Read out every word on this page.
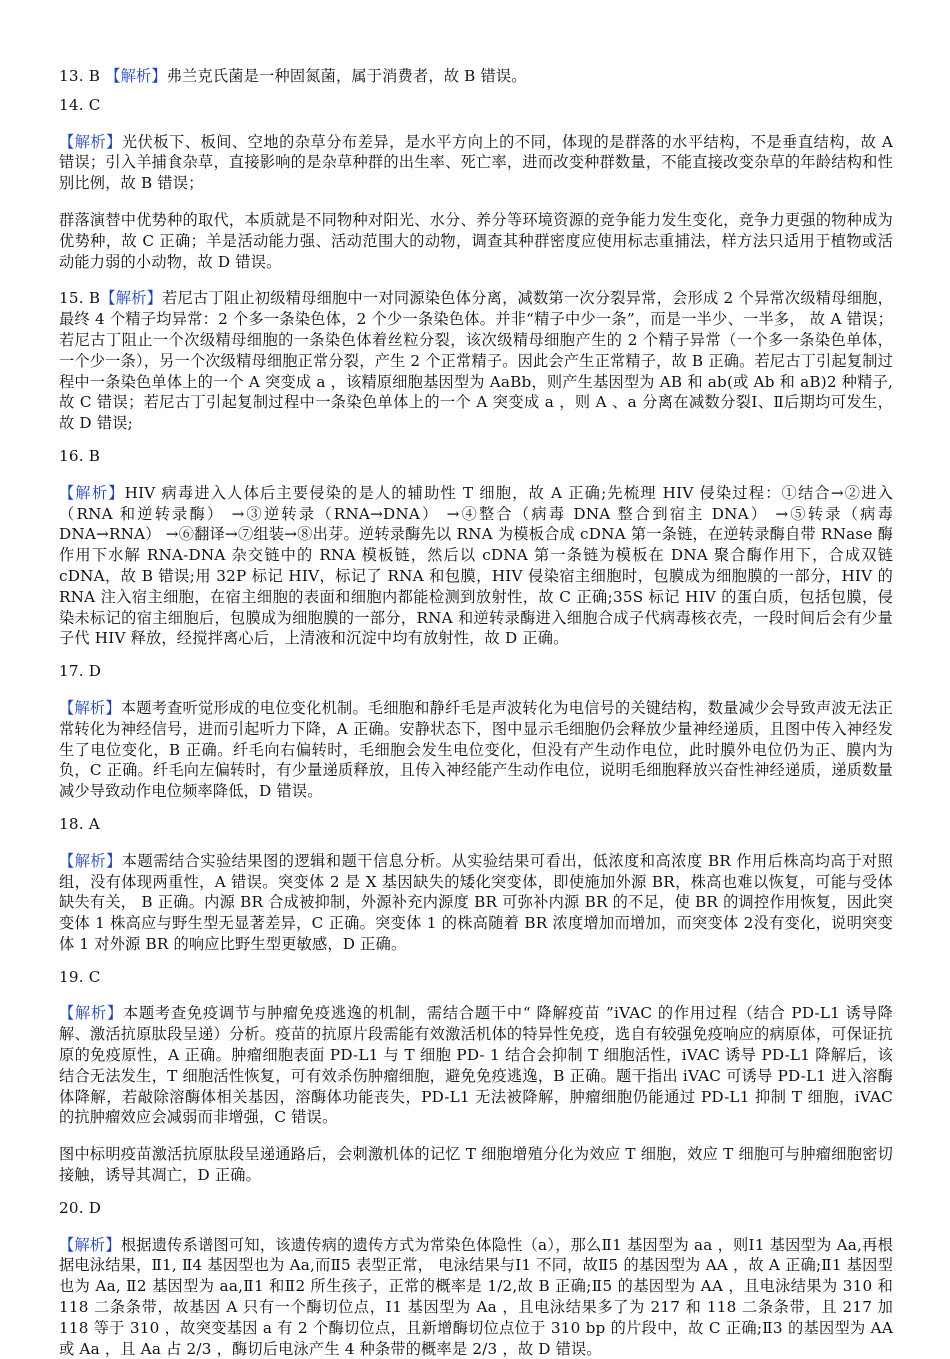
13. B 【解析】弗兰克氏菌是一种固氮菌，属于消费者，故 B 错误。

14. C

【解析】光伏板下、板间、空地的杂草分布差异，是水平方向上的不同，体现的是群落的水平结构，不是垂直结构，故 A 错误；引入羊捕食杂草，直接影响的是杂草种群的出生率、死亡率，进而改变种群数量，不能直接改变杂草的年龄结构和性别比例，故 B 错误；

群落演替中优势种的取代，本质就是不同物种对阳光、水分、养分等环境资源的竞争能力发生变化，竞争力更强的物种成为优势种，故 C 正确；羊是活动能力强、活动范围大的动物，调查其种群密度应使用标志重捕法，样方法只适用于植物或活动能力弱的小动物，故 D 错误。

15. B【解析】若尼古丁阻止初级精母细胞中一对同源染色体分离，减数第一次分裂异常，会形成 2 个异常次级精母细胞，最终 4 个精子均异常：2 个多一条染色体，2 个少一条染色体。并非“精子中少一条”，而是一半少、一半多， 故 A 错误；若尼古丁阻止一个次级精母细胞的一条染色体着丝粒分裂，该次级精母细胞产生的 2 个精子异常（一个多一条染色单体，一个少一条），另一个次级精母细胞正常分裂，产生 2 个正常精子。因此会产生正常精子，故 B 正确。若尼古丁引起复制过程中一条染色单体上的一个 A 突变成 a ，该精原细胞基因型为 AaBb，则产生基因型为 AB 和 ab(或 Ab 和 aB)2 种精子,故 C 错误；若尼古丁引起复制过程中一条染色单体上的一个 A 突变成 a ，则 A 、a 分离在减数分裂Ⅰ、Ⅱ后期均可发生，故 D 错误;

16. B

【解析】HIV 病毒进入人体后主要侵染的是人的辅助性 T 细胞，故 A 正确;先梳理 HIV 侵染过程：①结合→②进入（RNA 和逆转录酶） →③逆转录（RNA→DNA） →④整合（病毒 DNA 整合到宿主 DNA） →⑤转录（病毒 DNA→RNA） →⑥翻译→⑦组装→⑧出芽。逆转录酶先以 RNA 为模板合成 cDNA 第一条链，在逆转录酶自带 RNase 酶作用下水解 RNA-DNA 杂交链中的 RNA 模板链，然后以 cDNA 第一条链为模板在 DNA 聚合酶作用下，合成双链 cDNA，故 B 错误;用 32P 标记 HIV，标记了 RNA 和包膜，HIV 侵染宿主细胞时，包膜成为细胞膜的一部分，HIV 的 RNA 注入宿主细胞，在宿主细胞的表面和细胞内都能检测到放射性，故 C 正确;35S 标记 HIV 的蛋白质，包括包膜，侵染未标记的宿主细胞后，包膜成为细胞膜的一部分，RNA 和逆转录酶进入细胞合成子代病毒核衣壳，一段时间后会有少量子代 HIV 释放，经搅拌离心后，上清液和沉淀中均有放射性，故 D 正确。

17. D

【解析】本题考查听觉形成的电位变化机制。毛细胞和静纤毛是声波转化为电信号的关键结构，数量减少会导致声波无法正常转化为神经信号，进而引起听力下降，A 正确。安静状态下，图中显示毛细胞仍会释放少量神经递质，且图中传入神经发生了电位变化，B 正确。纤毛向右偏转时，毛细胞会发生电位变化，但没有产生动作电位，此时膜外电位仍为正、膜内为负，C 正确。纤毛向左偏转时，有少量递质释放，且传入神经能产生动作电位，说明毛细胞释放兴奋性神经递质，递质数量减少导致动作电位频率降低，D 错误。

18. A

【解析】本题需结合实验结果图的逻辑和题干信息分析。从实验结果可看出，低浓度和高浓度 BR 作用后株高均高于对照组，没有体现两重性，A 错误。突变体 2 是 X 基因缺失的矮化突变体，即使施加外源 BR，株高也难以恢复，可能与受体缺失有关， B 正确。内源 BR 合成被抑制，外源补充内源度 BR 可弥补内源 BR 的不足，使 BR 的调控作用恢复，因此突变体 1 株高应与野生型无显著差异，C 正确。突变体 1 的株高随着 BR 浓度增加而增加，而突变体 2没有变化，说明突变体 1 对外源 BR 的响应比野生型更敏感，D 正确。

19. C

【解析】本题考查免疫调节与肿瘤免疫逃逸的机制，需结合题干中“ 降解疫苗 ”iVAC 的作用过程（结合 PD-L1 诱导降解、激活抗原肽段呈递）分析。疫苗的抗原片段需能有效激活机体的特异性免疫，选自有较强免疫响应的病原体，可保证抗原的免疫原性，A 正确。肿瘤细胞表面 PD-L1 与 T 细胞 PD- 1 结合会抑制 T 细胞活性，iVAC 诱导 PD-L1 降解后，该结合无法发生，T 细胞活性恢复，可有效杀伤肿瘤细胞，避免免疫逃逸，B 正确。题干指出 iVAC 可诱导 PD-L1 进入溶酶体降解，若敲除溶酶体相关基因，溶酶体功能丧失，PD-L1 无法被降解，肿瘤细胞仍能通过 PD-L1 抑制 T 细胞，iVAC 的抗肿瘤效应会减弱而非增强，C 错误。

图中标明疫苗激活抗原肽段呈递通路后，会刺激机体的记忆 T 细胞增殖分化为效应 T 细胞，效应 T 细胞可与肿瘤细胞密切接触，诱导其凋亡，D 正确。

20. D

【解析】根据遗传系谱图可知，该遗传病的遗传方式为常染色体隐性（a），那么Ⅱ1 基因型为 aa ，则Ⅰ1 基因型为 Aa,再根据电泳结果，Ⅱ1, Ⅱ4 基因型也为 Aa,而Ⅱ5 表型正常， 电泳结果与Ⅰ1 不同，故Ⅱ5 的基因型为 AA ，故 A 正确;Ⅱ1 基因型也为 Aa, Ⅱ2 基因型为 aa,Ⅱ1 和Ⅱ2 所生孩子，正常的概率是 1/2,故 B 正确;Ⅱ5 的基因型为 AA ，且电泳结果为 310 和 118 二条条带，故基因 A 只有一个酶切位点，Ⅰ1 基因型为 Aa ，且电泳结果多了为 217 和 118 二条条带，且 217 加 118 等于 310 ，故突变基因 a 有 2 个酶切位点，且新增酶切位点位于 310 bp 的片段中，故 C 正确;Ⅱ3 的基因型为 AA 或 Aa ，且 Aa 占 2/3 ，酶切后电泳产生 4 种条带的概率是 2/3 ，故 D 错误。
